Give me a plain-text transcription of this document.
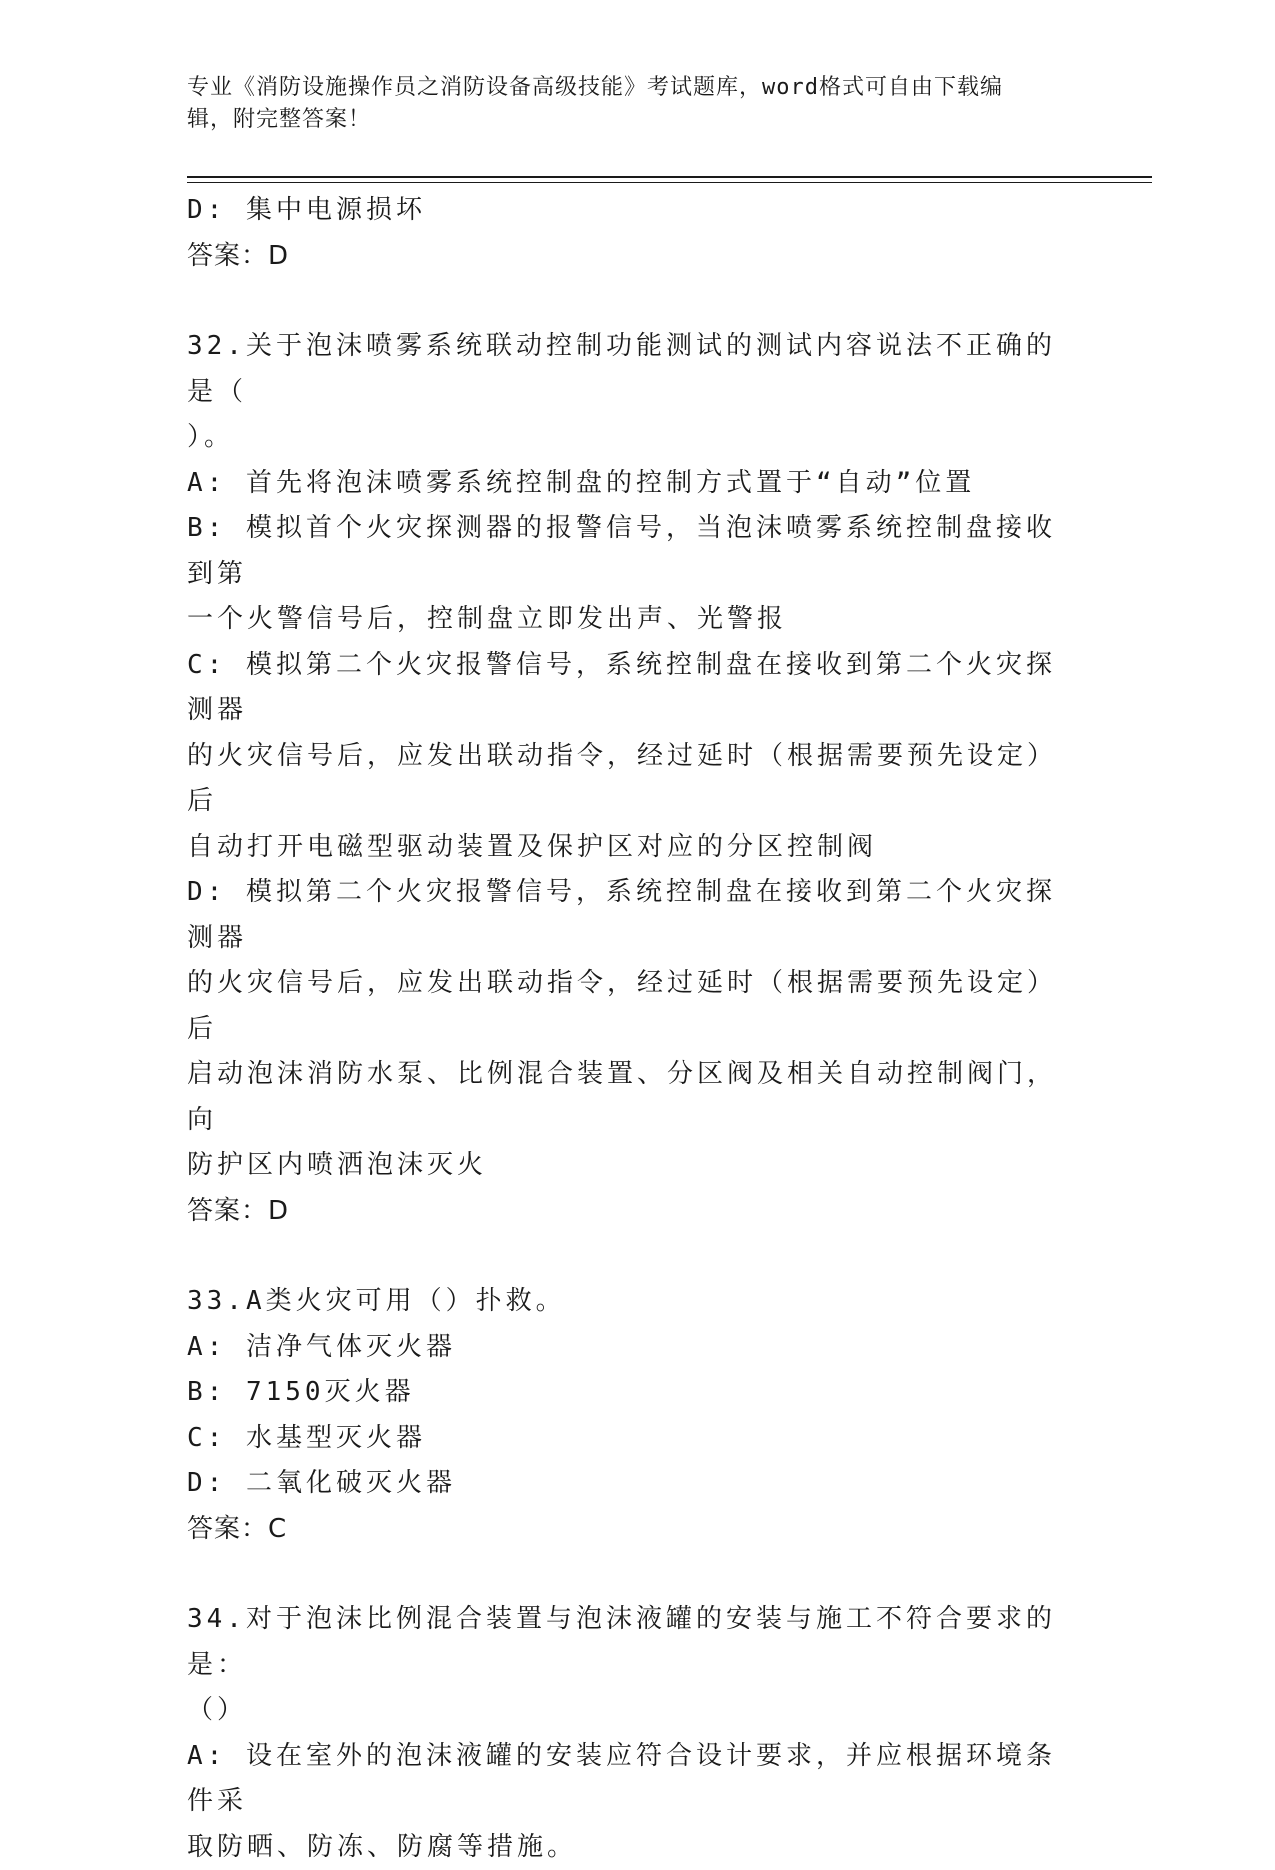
专业《消防设施操作员之消防设备高级技能》考试题库，word格式可自由下载编
辑，附完整答案！
D: 集中电源损坏
答案：D
32.关于泡沫喷雾系统联动控制功能测试的测试内容说法不正确的是（
）。
A: 首先将泡沫喷雾系统控制盘的控制方式置于“自动”位置
B: 模拟首个火灾探测器的报警信号，当泡沫喷雾系统控制盘接收到第
一个火警信号后，控制盘立即发出声、光警报
C: 模拟第二个火灾报警信号，系统控制盘在接收到第二个火灾探测器
的火灾信号后，应发出联动指令，经过延时（根据需要预先设定）后
自动打开电磁型驱动装置及保护区对应的分区控制阀
D: 模拟第二个火灾报警信号，系统控制盘在接收到第二个火灾探测器
的火灾信号后，应发出联动指令，经过延时（根据需要预先设定）后
启动泡沫消防水泵、比例混合装置、分区阀及相关自动控制阀门，向
防护区内喷洒泡沫灭火
答案：D
33.A类火灾可用（）扑救。
A: 洁净气体灭火器
B: 7150灭火器
C: 水基型灭火器
D: 二氧化破灭火器
答案：C
34.对于泡沫比例混合装置与泡沫液罐的安装与施工不符合要求的是：
（）
A: 设在室外的泡沫液罐的安装应符合设计要求，并应根据环境条件采
取防晒、防冻、防腐等措施。
